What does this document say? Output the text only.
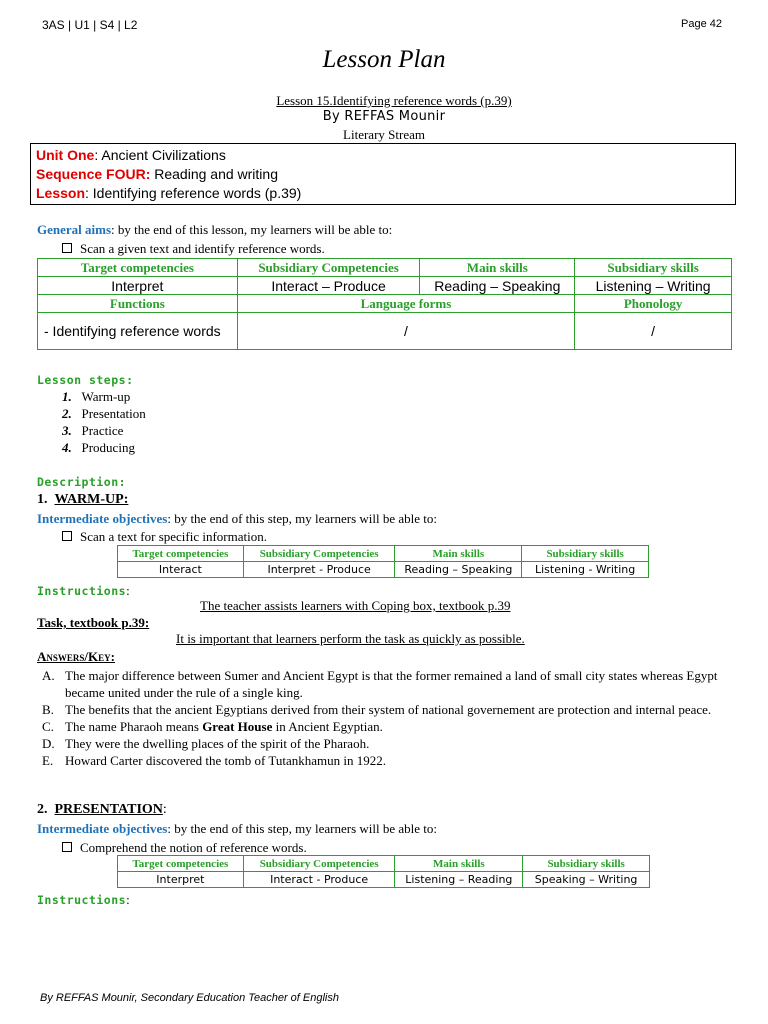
3AS | U1 | S4 | L2	Page 42
Lesson Plan
Lesson 15.Identifying reference words (p.39)
By REFFAS Mounir
Literary Stream
Unit One: Ancient Civilizations
Sequence FOUR: Reading and writing
Lesson: Identifying reference words (p.39)
General aims: by the end of this lesson, my learners will be able to:
Scan a given text and identify reference words.
Target competencies	Subsidiary Competencies	Main skills	Subsidiary skills
Interpret	Interact – Produce	Reading – Speaking	Listening – Writing
Functions	Language forms		Phonology
- Identifying reference words	/		/
Lesson steps:
1. Warm-up
2. Presentation
3. Practice
4. Producing
Description:
1. WARM-UP:
Intermediate objectives: by the end of this step, my learners will be able to:
Scan a text for specific information.
Target competencies	Subsidiary Competencies	Main skills	Subsidiary skills
Interact	Interpret - Produce	Reading – Speaking	Listening - Writing
Instructions:
The teacher assists learners with Coping box, textbook p.39
Task, textbook p.39:
It is important that learners perform the task as quickly as possible.
Answers/Key:
A. The major difference between Sumer and Ancient Egypt is that the former remained a land of small city states whereas Egypt became united under the rule of a single king.
B. The benefits that the ancient Egyptians derived from their system of national governement are protection and internal peace.
C. The name Pharaoh means Great House in Ancient Egyptian.
D. They were the dwelling places of the spirit of the Pharaoh.
E. Howard Carter discovered the tomb of Tutankhamun in 1922.
2. PRESENTATION:
Intermediate objectives: by the end of this step, my learners will be able to:
Comprehend the notion of reference words.
Target competencies	Subsidiary Competencies	Main skills	Subsidiary skills
Interpret	Interact - Produce	Listening – Reading	Speaking – Writing
Instructions:
By REFFAS Mounir, Secondary Education Teacher of English
